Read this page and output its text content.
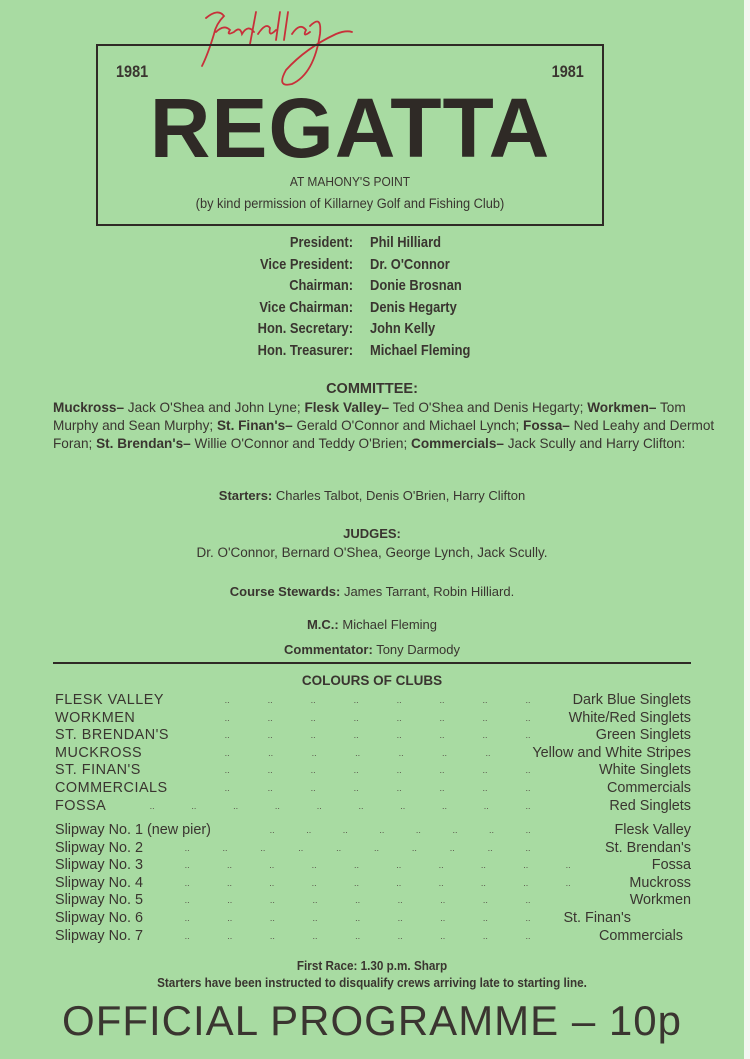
1981	1981
REGATTA
AT MAHONY'S POINT
(by kind permission of Killarney Golf and Fishing Club)
President: Phil Hilliard
Vice President: Dr. O'Connor
Chairman: Donie Brosnan
Vice Chairman: Denis Hegarty
Hon. Secretary: John Kelly
Hon. Treasurer: Michael Fleming
COMMITTEE:
Muckross– Jack O'Shea and John Lyne; Flesk Valley– Ted O'Shea and Denis Hegarty; Workmen– Tom Murphy and Sean Murphy; St. Finan's– Gerald O'Connor and Michael Lynch; Fossa– Ned Leahy and Dermot Foran; St. Brendan's– Willie O'Connor and Teddy O'Brien; Commercials– Jack Scully and Harry Clifton:
Starters: Charles Talbot, Denis O'Brien, Harry Clifton
JUDGES:
Dr. O'Connor, Bernard O'Shea, George Lynch, Jack Scully.
Course Stewards: James Tarrant, Robin Hilliard.
M.C.: Michael Fleming
Commentator: Tony Darmody
COLOURS OF CLUBS
FLESK VALLEY	..	..	..	..	..	..	..	..	Dark Blue Singlets
WORKMEN	..	..	..	..	..	..	..	..	White/Red Singlets
ST. BRENDAN'S	..	..	..	..	..	..	..	..	Green Singlets
MUCKROSS	..	..	..	..	..	..	..	Yellow and White Stripes
ST. FINAN'S	..	..	..	..	..	..	..	..	White Singlets
COMMERCIALS	..	..	..	..	..	..	..	..	Commercials
FOSSA	..	..	..	..	..	..	..	..	..	..	Red Singlets
Slipway No. 1 (new pier)	..	..	..	..	..	..	..	..	Flesk Valley
Slipway No. 2	..	..	..	..	..	..	..	..	..	..	St. Brendan's
Slipway No. 3	..	..	..	..	..	..	..	..	..	..	Fossa
Slipway No. 4	..	..	..	..	..	..	..	..	..	..	Muckross
Slipway No. 5	..	..	..	..	..	..	..	..	..	Workmen
Slipway No. 6	..	..	..	..	..	..	..	..	.. St. Finan's
Slipway No. 7	..	..	..	..	..	..	..	..	..	Commercials
First Race: 1.30 p.m. Sharp
Starters have been instructed to disqualify crews arriving late to starting line.
OFFICIAL PROGRAMME – 10p
